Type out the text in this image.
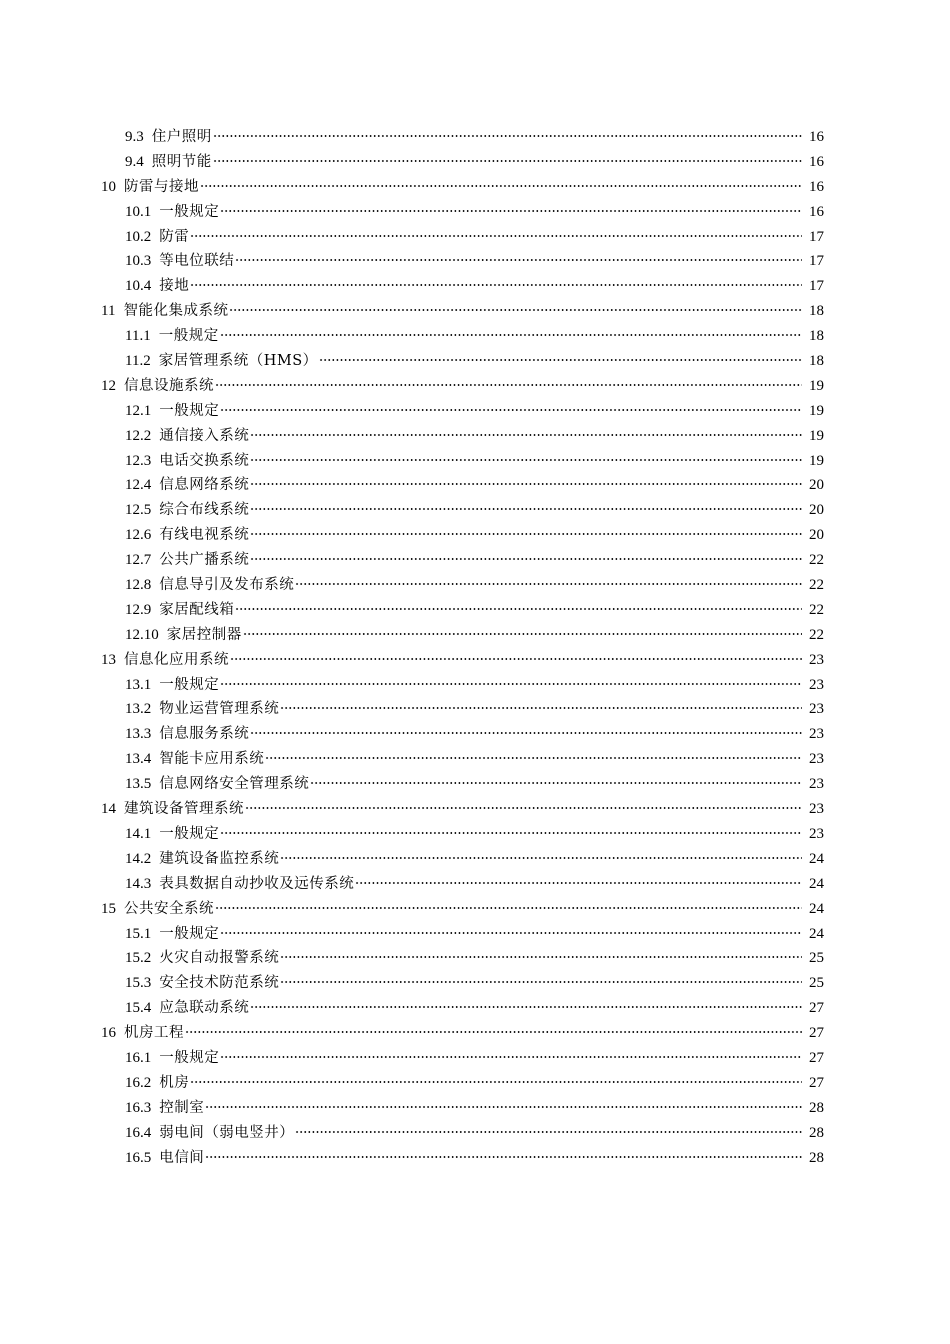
9.3 住户照明	16
9.4 照明节能	16
10 防雷与接地	16
10.1 一般规定	16
10.2 防雷	17
10.3 等电位联结	17
10.4 接地	17
11 智能化集成系统	18
11.1 一般规定	18
11.2 家居管理系统（HMS）	18
12 信息设施系统	19
12.1 一般规定	19
12.2 通信接入系统	19
12.3 电话交换系统	19
12.4 信息网络系统	20
12.5 综合布线系统	20
12.6 有线电视系统	20
12.7 公共广播系统	22
12.8 信息导引及发布系统	22
12.9 家居配线箱	22
12.10 家居控制器	22
13 信息化应用系统	23
13.1 一般规定	23
13.2 物业运营管理系统	23
13.3 信息服务系统	23
13.4 智能卡应用系统	23
13.5 信息网络安全管理系统	23
14 建筑设备管理系统	23
14.1 一般规定	23
14.2 建筑设备监控系统	24
14.3 表具数据自动抄收及远传系统	24
15 公共安全系统	24
15.1 一般规定	24
15.2 火灾自动报警系统	25
15.3 安全技术防范系统	25
15.4 应急联动系统	27
16 机房工程	27
16.1 一般规定	27
16.2 机房	27
16.3 控制室	28
16.4 弱电间（弱电竖井）	28
16.5 电信间	28
